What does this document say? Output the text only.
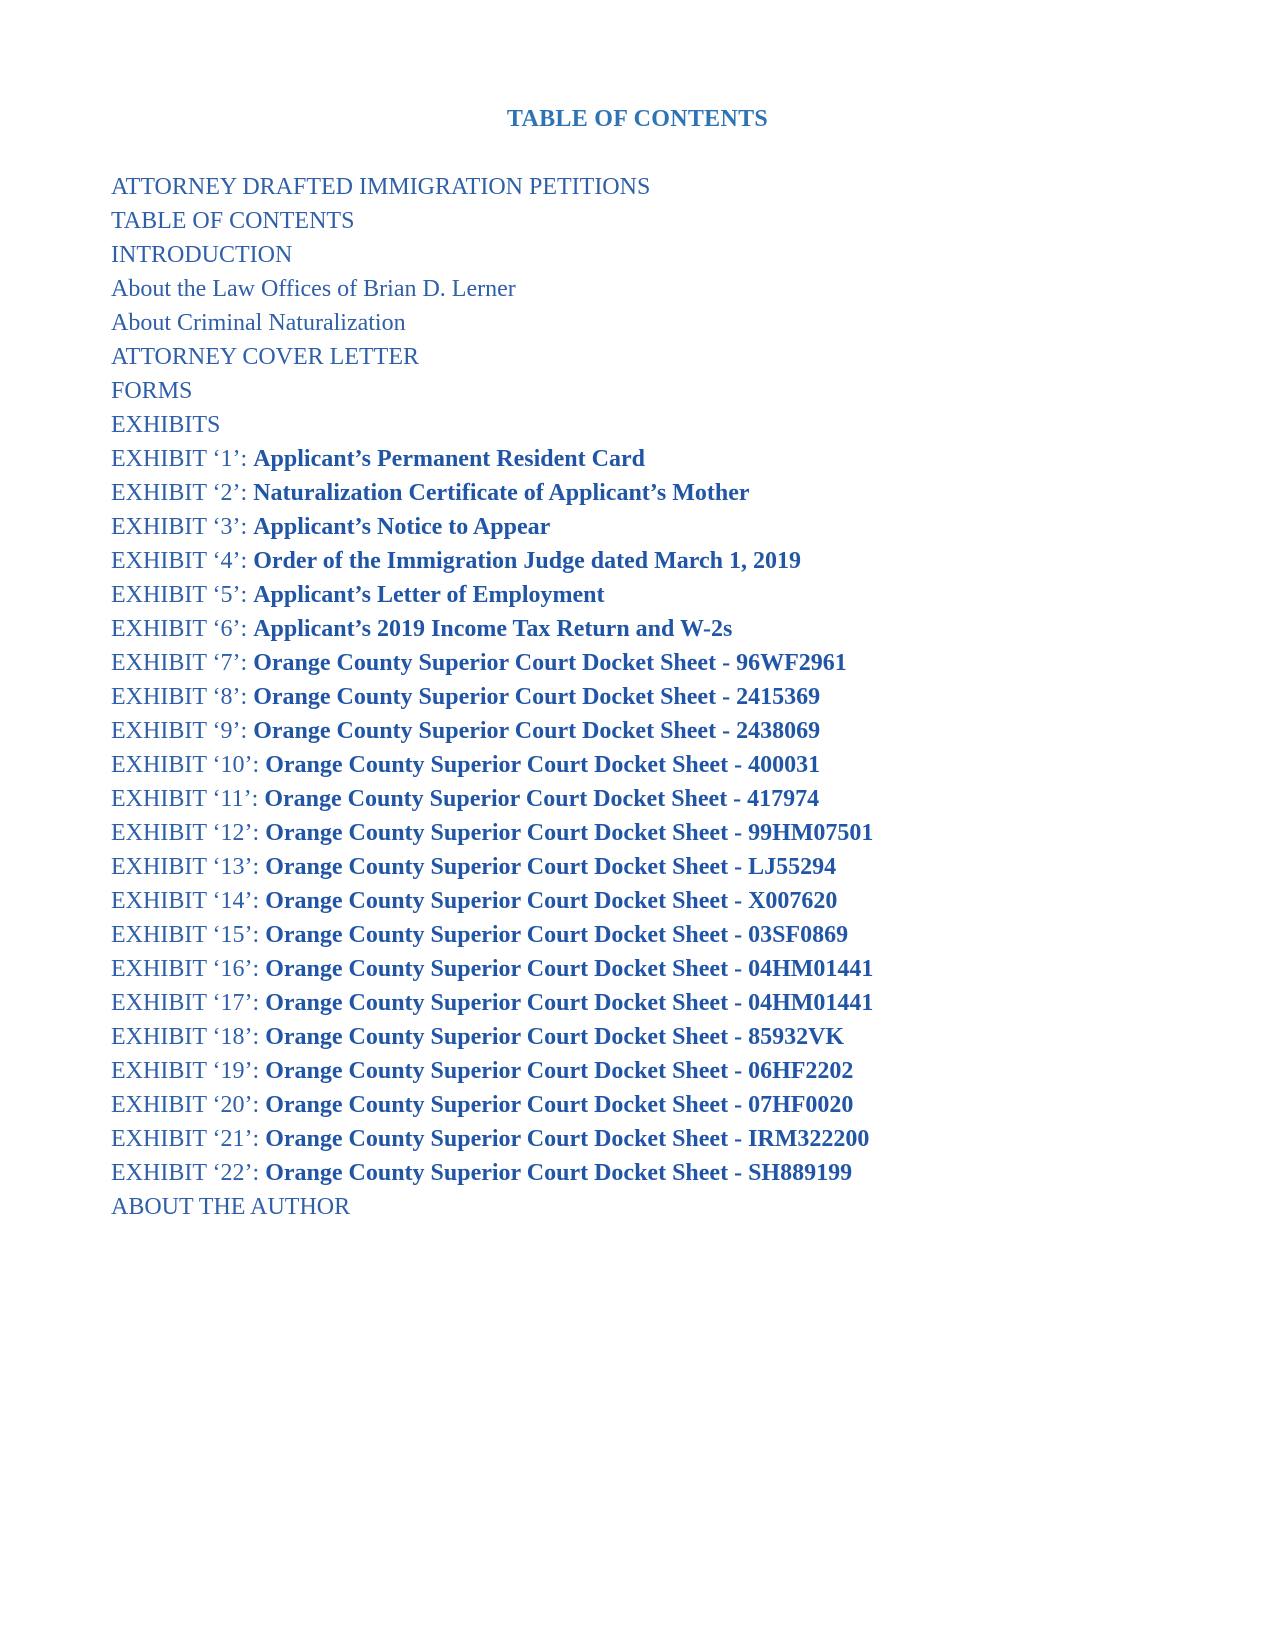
TABLE OF CONTENTS
ATTORNEY DRAFTED IMMIGRATION PETITIONS
TABLE OF CONTENTS
INTRODUCTION
About the Law Offices of Brian D. Lerner
About Criminal Naturalization
ATTORNEY COVER LETTER
FORMS
EXHIBITS
EXHIBIT ‘1’: Applicant’s Permanent Resident Card
EXHIBIT ‘2’: Naturalization Certificate of Applicant’s Mother
EXHIBIT ‘3’: Applicant’s Notice to Appear
EXHIBIT ‘4’: Order of the Immigration Judge dated March 1, 2019
EXHIBIT ‘5’: Applicant’s Letter of Employment
EXHIBIT ‘6’: Applicant’s 2019 Income Tax Return and W-2s
EXHIBIT ‘7’: Orange County Superior Court Docket Sheet - 96WF2961
EXHIBIT ‘8’: Orange County Superior Court Docket Sheet - 2415369
EXHIBIT ‘9’: Orange County Superior Court Docket Sheet - 2438069
EXHIBIT ‘10’: Orange County Superior Court Docket Sheet - 400031
EXHIBIT ‘11’: Orange County Superior Court Docket Sheet - 417974
EXHIBIT ‘12’: Orange County Superior Court Docket Sheet - 99HM07501
EXHIBIT ‘13’: Orange County Superior Court Docket Sheet - LJ55294
EXHIBIT ‘14’: Orange County Superior Court Docket Sheet - X007620
EXHIBIT ‘15’: Orange County Superior Court Docket Sheet - 03SF0869
EXHIBIT ‘16’: Orange County Superior Court Docket Sheet - 04HM01441
EXHIBIT ‘17’: Orange County Superior Court Docket Sheet - 04HM01441
EXHIBIT ‘18’: Orange County Superior Court Docket Sheet - 85932VK
EXHIBIT ‘19’: Orange County Superior Court Docket Sheet - 06HF2202
EXHIBIT ‘20’: Orange County Superior Court Docket Sheet - 07HF0020
EXHIBIT ‘21’: Orange County Superior Court Docket Sheet - IRM322200
EXHIBIT ‘22’: Orange County Superior Court Docket Sheet - SH889199
ABOUT THE AUTHOR
